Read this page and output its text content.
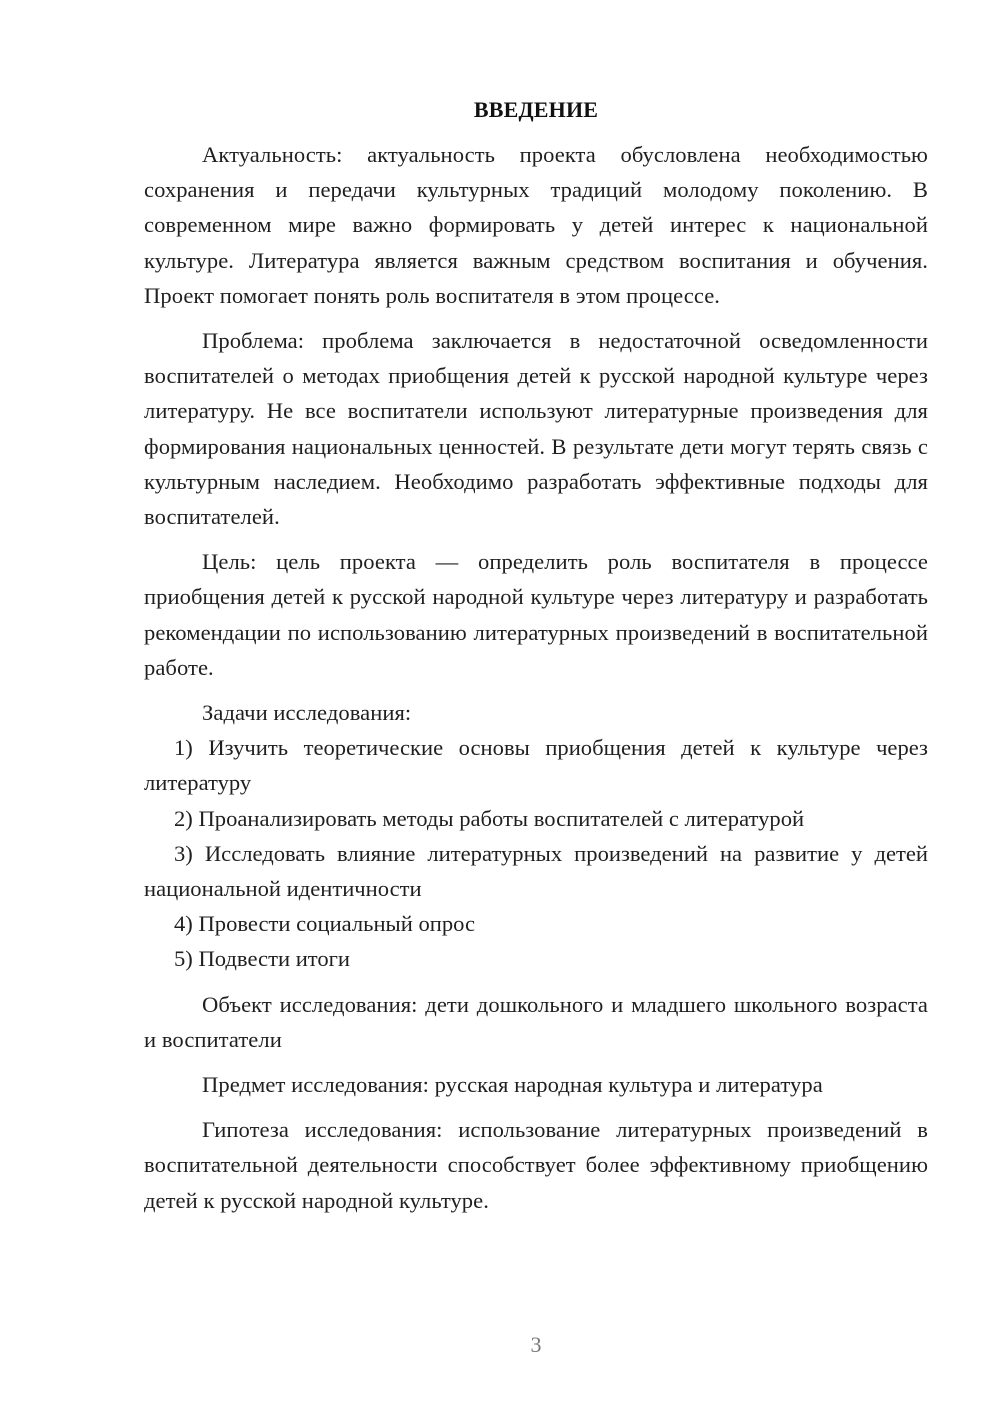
ВВЕДЕНИЕ

Актуальность: актуальность проекта обусловлена необходимостью сохранения и передачи культурных традиций молодому поколению. В современном мире важно формировать у детей интерес к национальной культуре. Литература является важным средством воспитания и обучения. Проект помогает понять роль воспитателя в этом процессе.

Проблема: проблема заключается в недостаточной осведомленности воспитателей о методах приобщения детей к русской народной культуре через литературу. Не все воспитатели используют литературные произведения для формирования национальных ценностей. В результате дети могут терять связь с культурным наследием. Необходимо разработать эффективные подходы для воспитателей.

Цель: цель проекта — определить роль воспитателя в процессе приобщения детей к русской народной культуре через литературу и разработать рекомендации по использованию литературных произведений в воспитательной работе.

Задачи исследования:

1) Изучить теоретические основы приобщения детей к культуре через литературу

2) Проанализировать методы работы воспитателей с литературой

3) Исследовать влияние литературных произведений на развитие у детей национальной идентичности

4) Провести социальный опрос

5) Подвести итоги

Объект исследования: дети дошкольного и младшего школьного возраста и воспитатели

Предмет исследования: русская народная культура и литература

Гипотеза исследования: использование литературных произведений в воспитательной деятельности способствует более эффективному приобщению детей к русской народной культуре.

3
